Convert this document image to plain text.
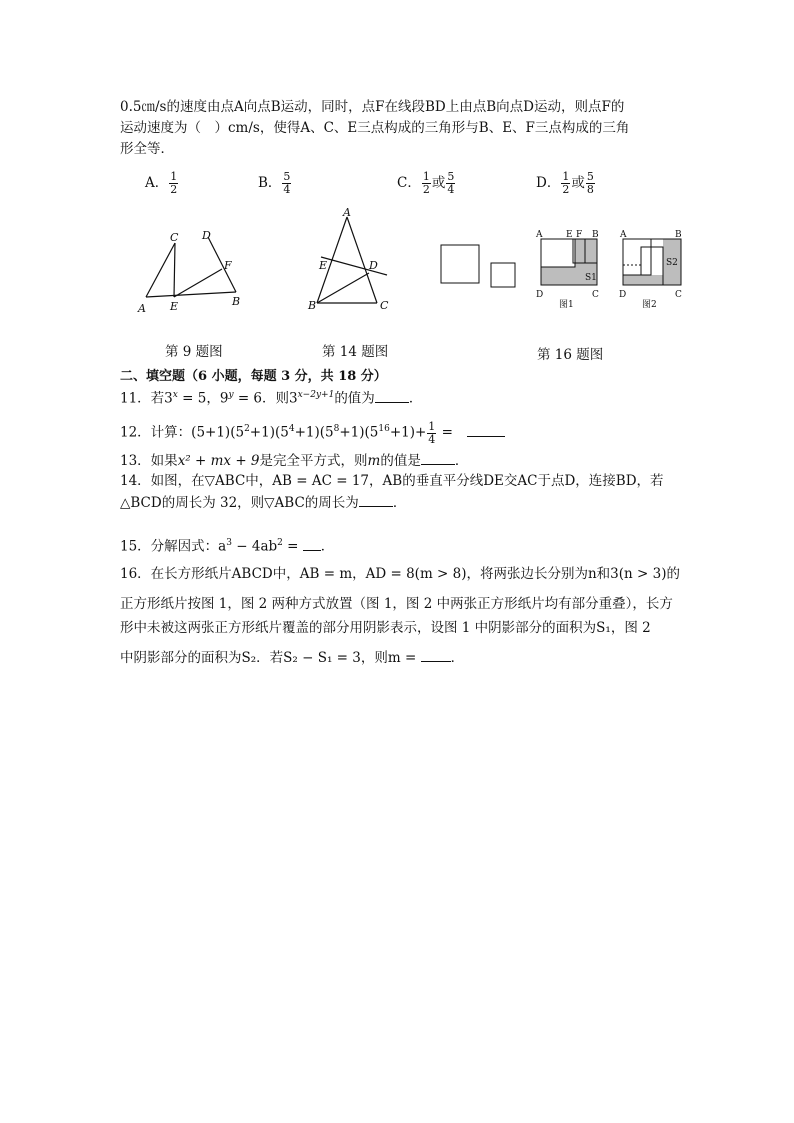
0.5㎝/s的速度由点A向点B运动，同时，点F在线段BD上由点B向点D运动，则点F的
运动速度为（　）cm/s，使得A、C、E三点构成的三角形与B、E、F三点构成的三角
形全等．
A． $\frac{1}{2}$	B． $\frac{5}{4}$	C． $\frac{1}{2}$ 或 $\frac{5}{4}$	D． $\frac{1}{2}$ 或 $\frac{5}{8}$
C D
F
B
E
A
第 9 题图
A
E	D
B	C
第 14 题图
A	E F B
S1
D	C
图1
A	B
S2
D	C
图2
第 16 题图
二、填空题（6 小题，每题 3 分，共 18 分）
11．若$3^x = 5$，$9^y = 6$．则$3^{x-2y+1}$的值为	．
12．计算：$(5+1)(5^2+1)(5^4+1)(5^8+1)(5^{16}+1)+ \frac{1}{4}$ =
13．如果x² + mx + 9是完全平方式，则m的值是	．
14．如图，在▽ABC中，AB = AC = 17，AB的垂直平分线DE交AC于点D，连接BD，若
△BCD的周长为 32，则▽ABC的周长为	．
15．分解因式：$a^3 - 4ab^2$ = ．
16．在长方形纸片ABCD中，AB = m，AD = 8(m > 8)，将两张边长分别为n和3(n > 3)的
正方形纸片按图 1，图 2 两种方式放置（图 1，图 2 中两张正方形纸片均有部分重叠），长方
形中未被这两张正方形纸片覆盖的部分用阴影表示，设图 1 中阴影部分的面积为S₁，图 2
中阴影部分的面积为S₂．若S₂ − S₁ = 3，则m = ．
